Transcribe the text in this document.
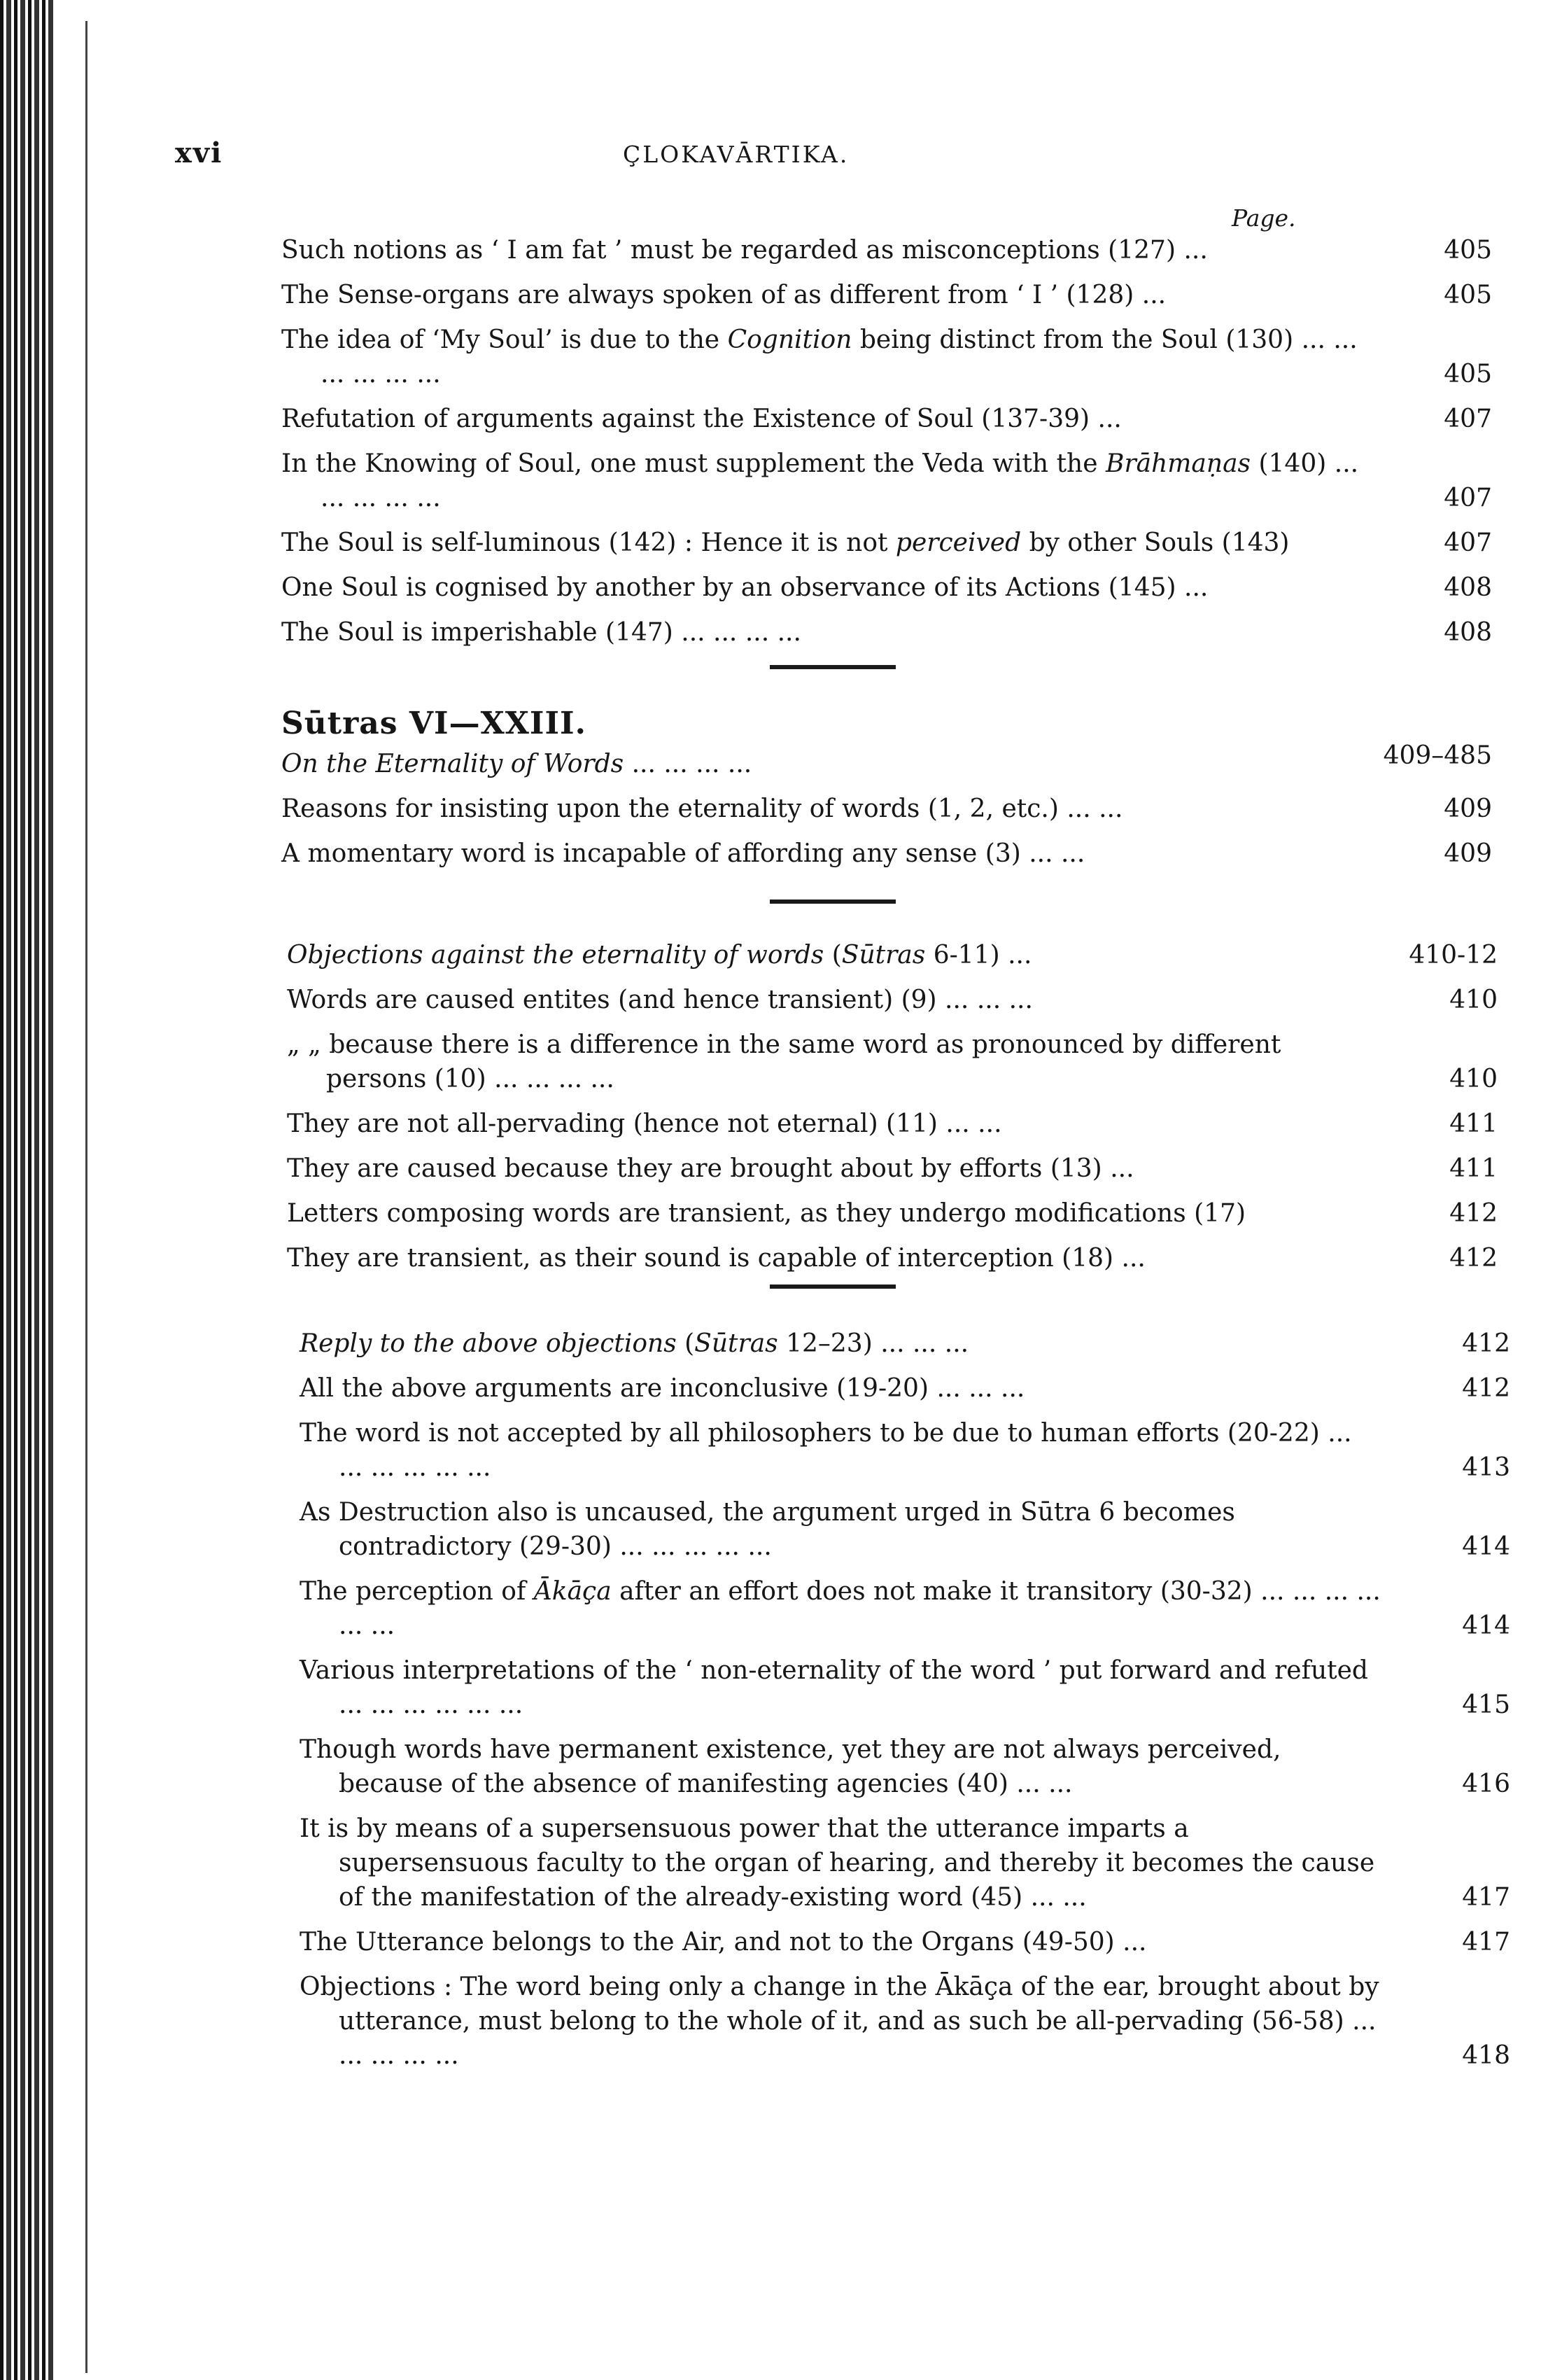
xvi	ÇLOKAVĀRTIKA.
Page.
Such notions as ‘ I am fat ’ must be regarded as misconceptions (127) ...	405
The Sense-organs are always spoken of as different from ‘ I ’ (128) ...	405
The idea of ‘My Soul’ is due to the Cognition being distinct from the Soul (130) ... ... ... ... ... ...	405
Refutation of arguments against the Existence of Soul (137-39) ...	407
In the Knowing of Soul, one must supplement the Veda with the Brāhmaṇas (140) ... ... ... ... ...	407
The Soul is self-luminous (142) : Hence it is not perceived by other Souls (143)	407
One Soul is cognised by another by an observance of its Actions (145) ...	408
The Soul is imperishable (147) ... ... ... ...	408
Sūtras VI—XXIII.
On the Eternality of Words ... ... ... ...	409–485
Reasons for insisting upon the eternality of words (1, 2, etc.) ... ...	409
A momentary word is incapable of affording any sense (3) ... ...	409
Objections against the eternality of words (Sūtras 6-11) ...	410-12
Words are caused entites (and hence transient) (9) ... ... ...	410
„ „ because there is a difference in the same word as pronounced by different persons (10) ... ... ... ...	410
They are not all-pervading (hence not eternal) (11) ... ...	411
They are caused because they are brought about by efforts (13) ...	411
Letters composing words are transient, as they undergo modifications (17)	412
They are transient, as their sound is capable of interception (18) ...	412
Reply to the above objections (Sūtras 12–23) ... ... ...	412
All the above arguments are inconclusive (19-20) ... ... ...	412
The word is not accepted by all philosophers to be due to human efforts (20-22) ... ... ... ... ... ...	413
As Destruction also is uncaused, the argument urged in Sūtra 6 becomes contradictory (29-30) ... ... ... ... ...	414
The perception of Ākāça after an effort does not make it transitory (30-32) ... ... ... ... ... ...	414
Various interpretations of the ‘ non-eternality of the word ’ put forward and refuted ... ... ... ... ... ...	415
Though words have permanent existence, yet they are not always perceived, because of the absence of manifesting agencies (40) ... ...	416
It is by means of a supersensuous power that the utterance imparts a supersensuous faculty to the organ of hearing, and thereby it becomes the cause of the manifestation of the already-existing word (45) ... ...	417
The Utterance belongs to the Air, and not to the Organs (49-50) ...	417
Objections : The word being only a change in the Ākāça of the ear, brought about by utterance, must belong to the whole of it, and as such be all-pervading (56-58) ... ... ... ... ...	418
